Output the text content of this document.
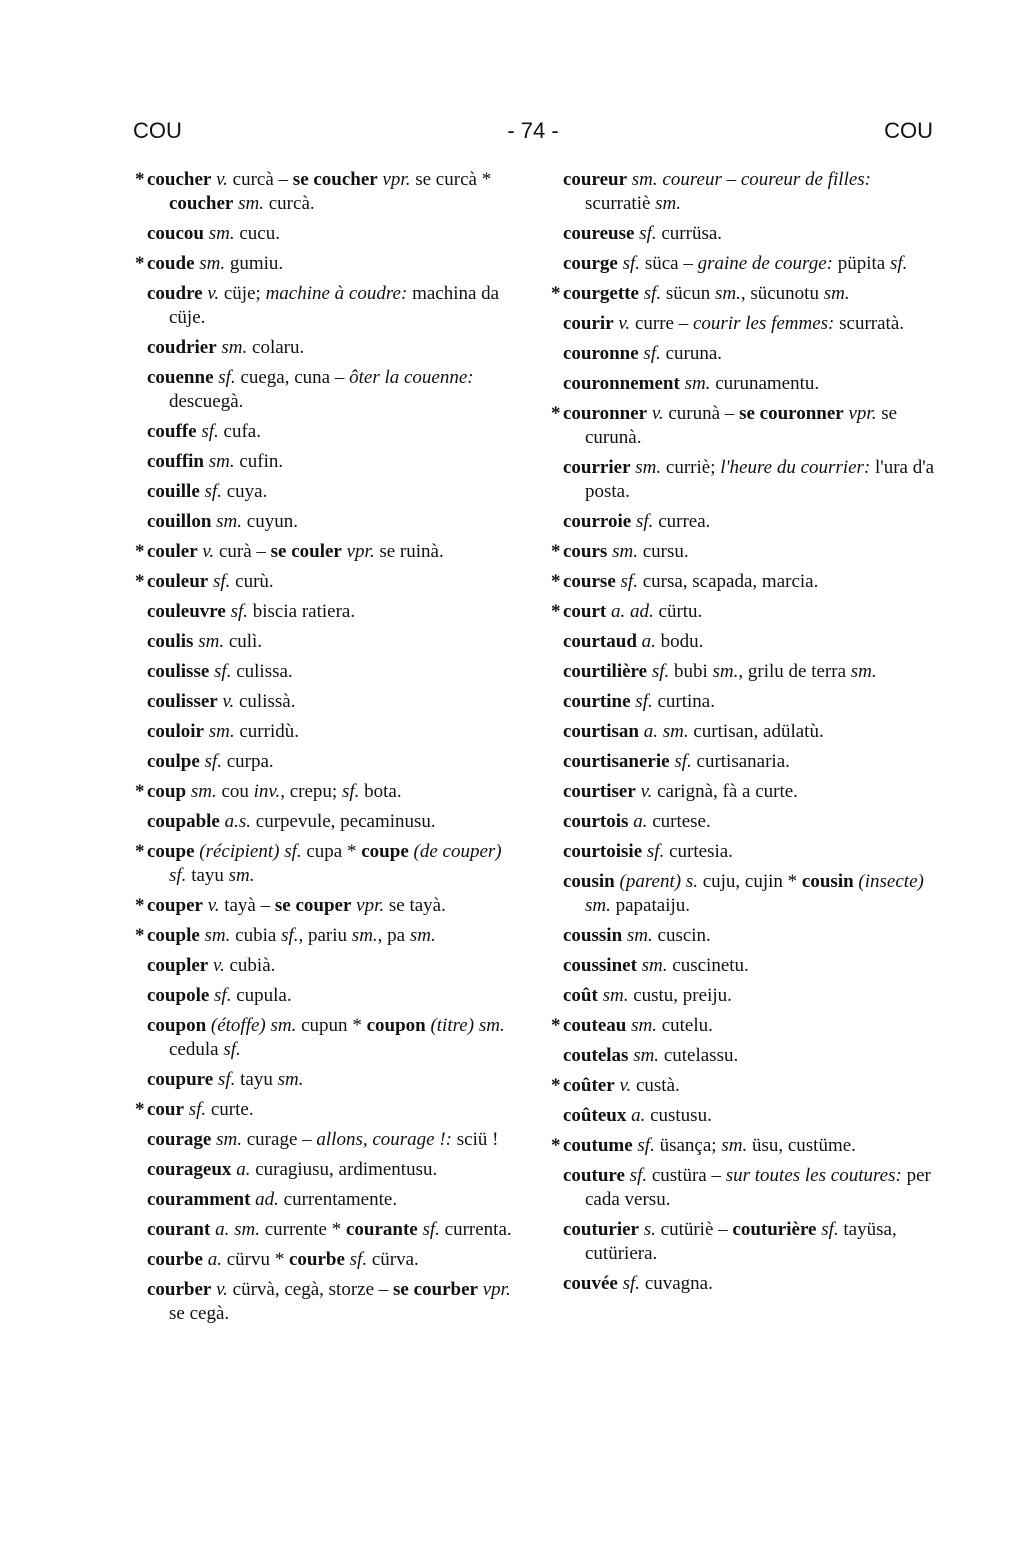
COU	- 74 -	COU
* coucher v. curcà – se coucher vpr. se curcà * coucher sm. curcà.
coucou sm. cucu.
* coude sm. gumiu.
coudre v. cüje; machine à coudre: machina da cüje.
coudrier sm. colaru.
couenne sf. cuega, cuna – ôter la couenne: descuegà.
couffe sf. cufa.
couffin sm. cufin.
couille sf. cuya.
couillon sm. cuyun.
* couler v. curà – se couler vpr. se ruinà.
* couleur sf. curù.
couleuvre sf. biscia ratiera.
coulis sm. culì.
coulisse sf. culissa.
coulisser v. culissà.
couloir sm. curridù.
coulpe sf. curpa.
* coup sm. cou inv., crepu; sf. bota.
coupable a.s. curpevule, pecaminusu.
* coupe (récipient) sf. cupa * coupe (de couper) sf. tayu sm.
* couper v. tayà – se couper vpr. se tayà.
* couple sm. cubia sf., pariu sm., pa sm.
coupler v. cubià.
coupole sf. cupula.
coupon (étoffe) sm. cupun * coupon (titre) sm. cedula sf.
coupure sf. tayu sm.
* cour sf. curte.
courage sm. curage – allons, courage !: sciü !
courageux a. curagiusu, ardimentusu.
couramment ad. currentamente.
courant a. sm. currente * courante sf. currenta.
courbe a. cürvu * courbe sf. cürva.
courber v. cürvà, cegà, storze – se courber vpr. se cegà.
coureur sm. coureur – coureur de filles: scurratiè sm.
coureuse sf. currüsa.
courge sf. süca – graine de courge: püpita sf.
* courgette sf. sücun sm., sücunotu sm.
courir v. curre – courir les femmes: scurratà.
couronne sf. curuna.
couronnement sm. curunamentu.
* couronner v. curunà – se couronner vpr. se curunà.
courrier sm. curriè; l'heure du courrier: l'ura d'a posta.
courroie sf. currea.
* cours sm. cursu.
* course sf. cursa, scapada, marcia.
* court a. ad. cürtu.
courtaud a. bodu.
courtilière sf. bubi sm., grilu de terra sm.
courtine sf. curtina.
courtisan a. sm. curtisan, adülatù.
courtisanerie sf. curtisanaria.
courtiser v. carignà, fà a curte.
courtois a. curtese.
courtoisie sf. curtesia.
cousin (parent) s. cuju, cujin * cousin (insecte) sm. papataiju.
coussin sm. cuscin.
coussinet sm. cuscinetu.
coût sm. custu, preiju.
* couteau sm. cutelu.
coutelas sm. cutelassu.
* coûter v. custà.
coûteux a. custusu.
* coutume sf. üsança; sm. üsu, custüme.
couture sf. custüra – sur toutes les coutures: per cada versu.
couturier s. cutüriè – couturière sf. tayüsa, cutüriera.
couvée sf. cuvagna.
